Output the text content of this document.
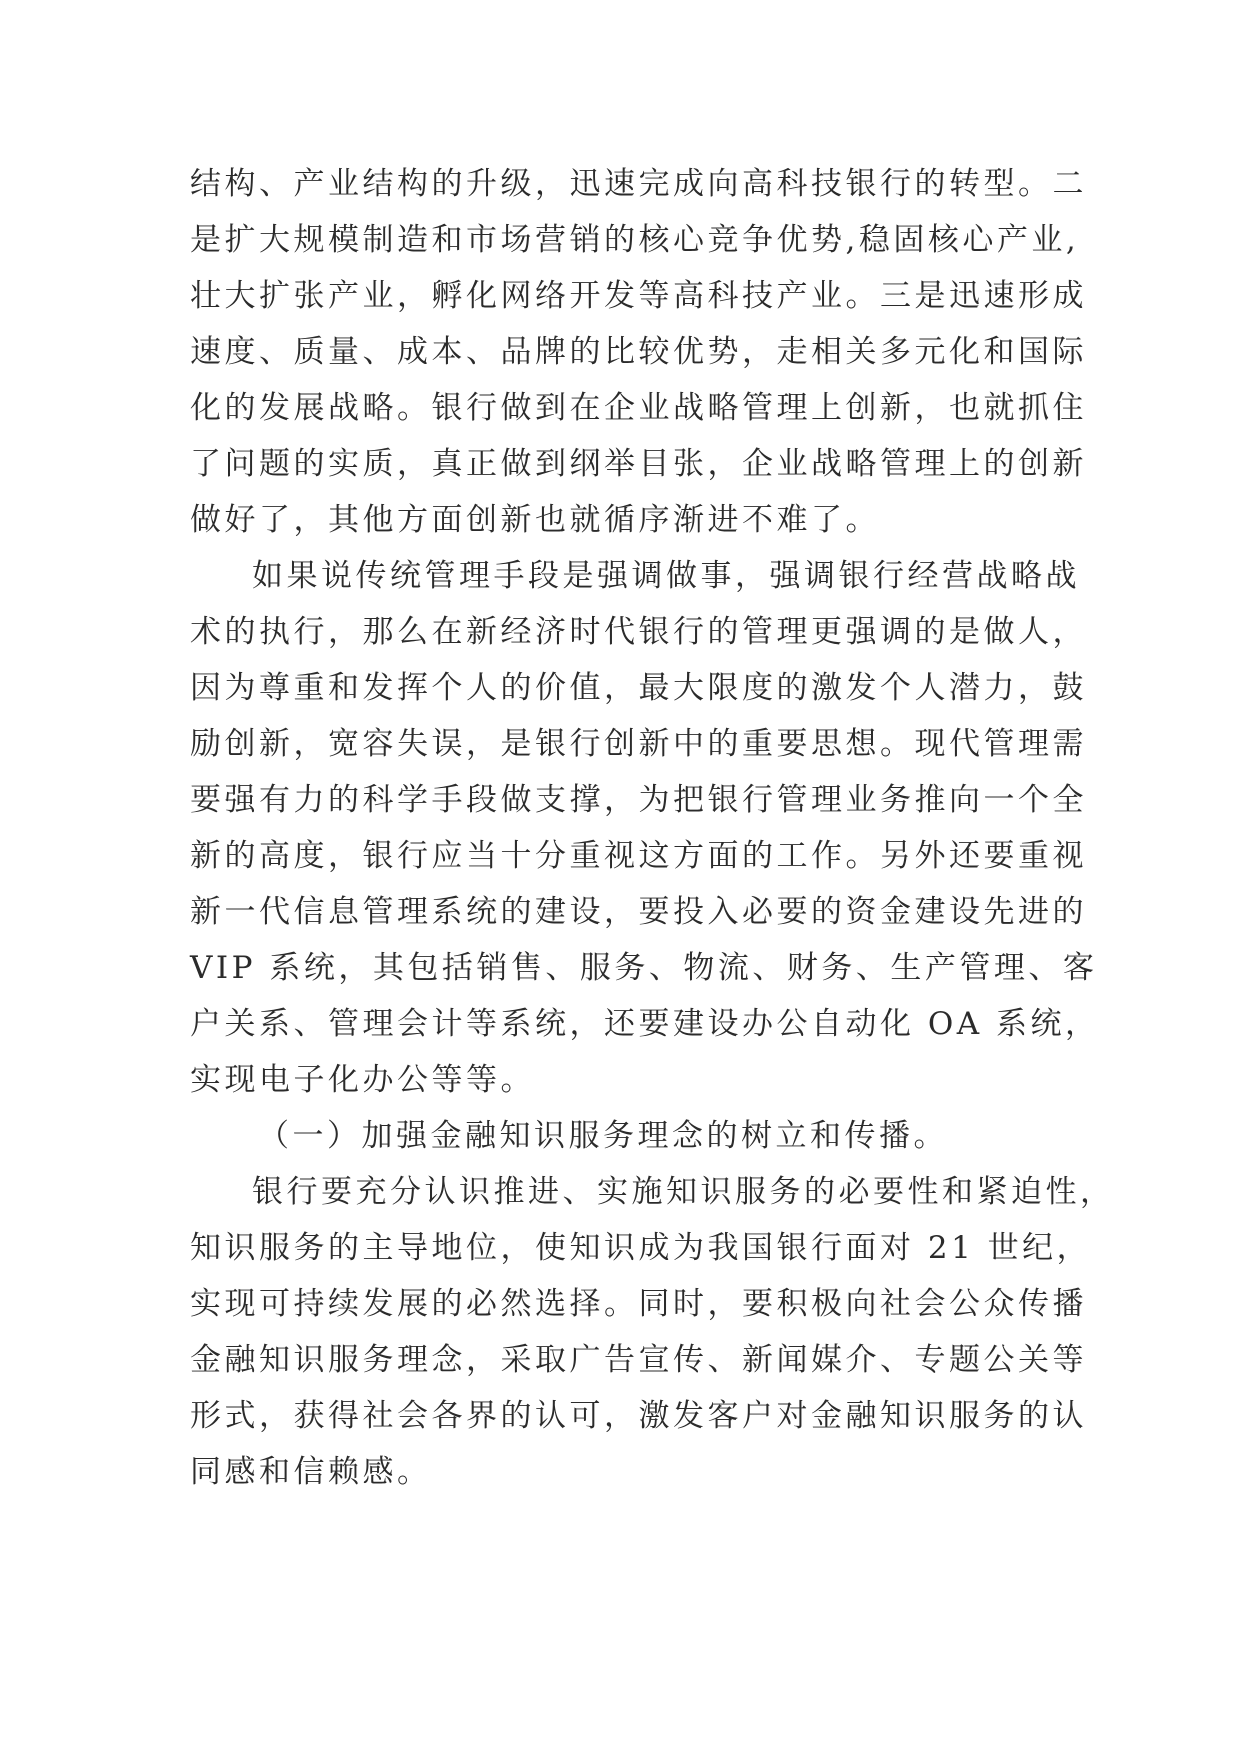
结构、产业结构的升级，迅速完成向高科技银行的转型。二
是扩大规模制造和市场营销的核心竞争优势,稳固核心产业,
壮大扩张产业，孵化网络开发等高科技产业。三是迅速形成
速度、质量、成本、品牌的比较优势，走相关多元化和国际
化的发展战略。银行做到在企业战略管理上创新，也就抓住
了问题的实质，真正做到纲举目张，企业战略管理上的创新
做好了，其他方面创新也就循序渐进不难了。
如果说传统管理手段是强调做事，强调银行经营战略战
术的执行，那么在新经济时代银行的管理更强调的是做人，
因为尊重和发挥个人的价值，最大限度的激发个人潜力，鼓
励创新，宽容失误，是银行创新中的重要思想。现代管理需
要强有力的科学手段做支撑，为把银行管理业务推向一个全
新的高度，银行应当十分重视这方面的工作。另外还要重视
新一代信息管理系统的建设，要投入必要的资金建设先进的
VIP 系统，其包括销售、服务、物流、财务、生产管理、客
户关系、管理会计等系统，还要建设办公自动化 OA 系统，
实现电子化办公等等。
（一）加强金融知识服务理念的树立和传播。
银行要充分认识推进、实施知识服务的必要性和紧迫性，
知识服务的主导地位，使知识成为我国银行面对 21 世纪，
实现可持续发展的必然选择。同时，要积极向社会公众传播
金融知识服务理念，采取广告宣传、新闻媒介、专题公关等
形式，获得社会各界的认可，激发客户对金融知识服务的认
同感和信赖感。
